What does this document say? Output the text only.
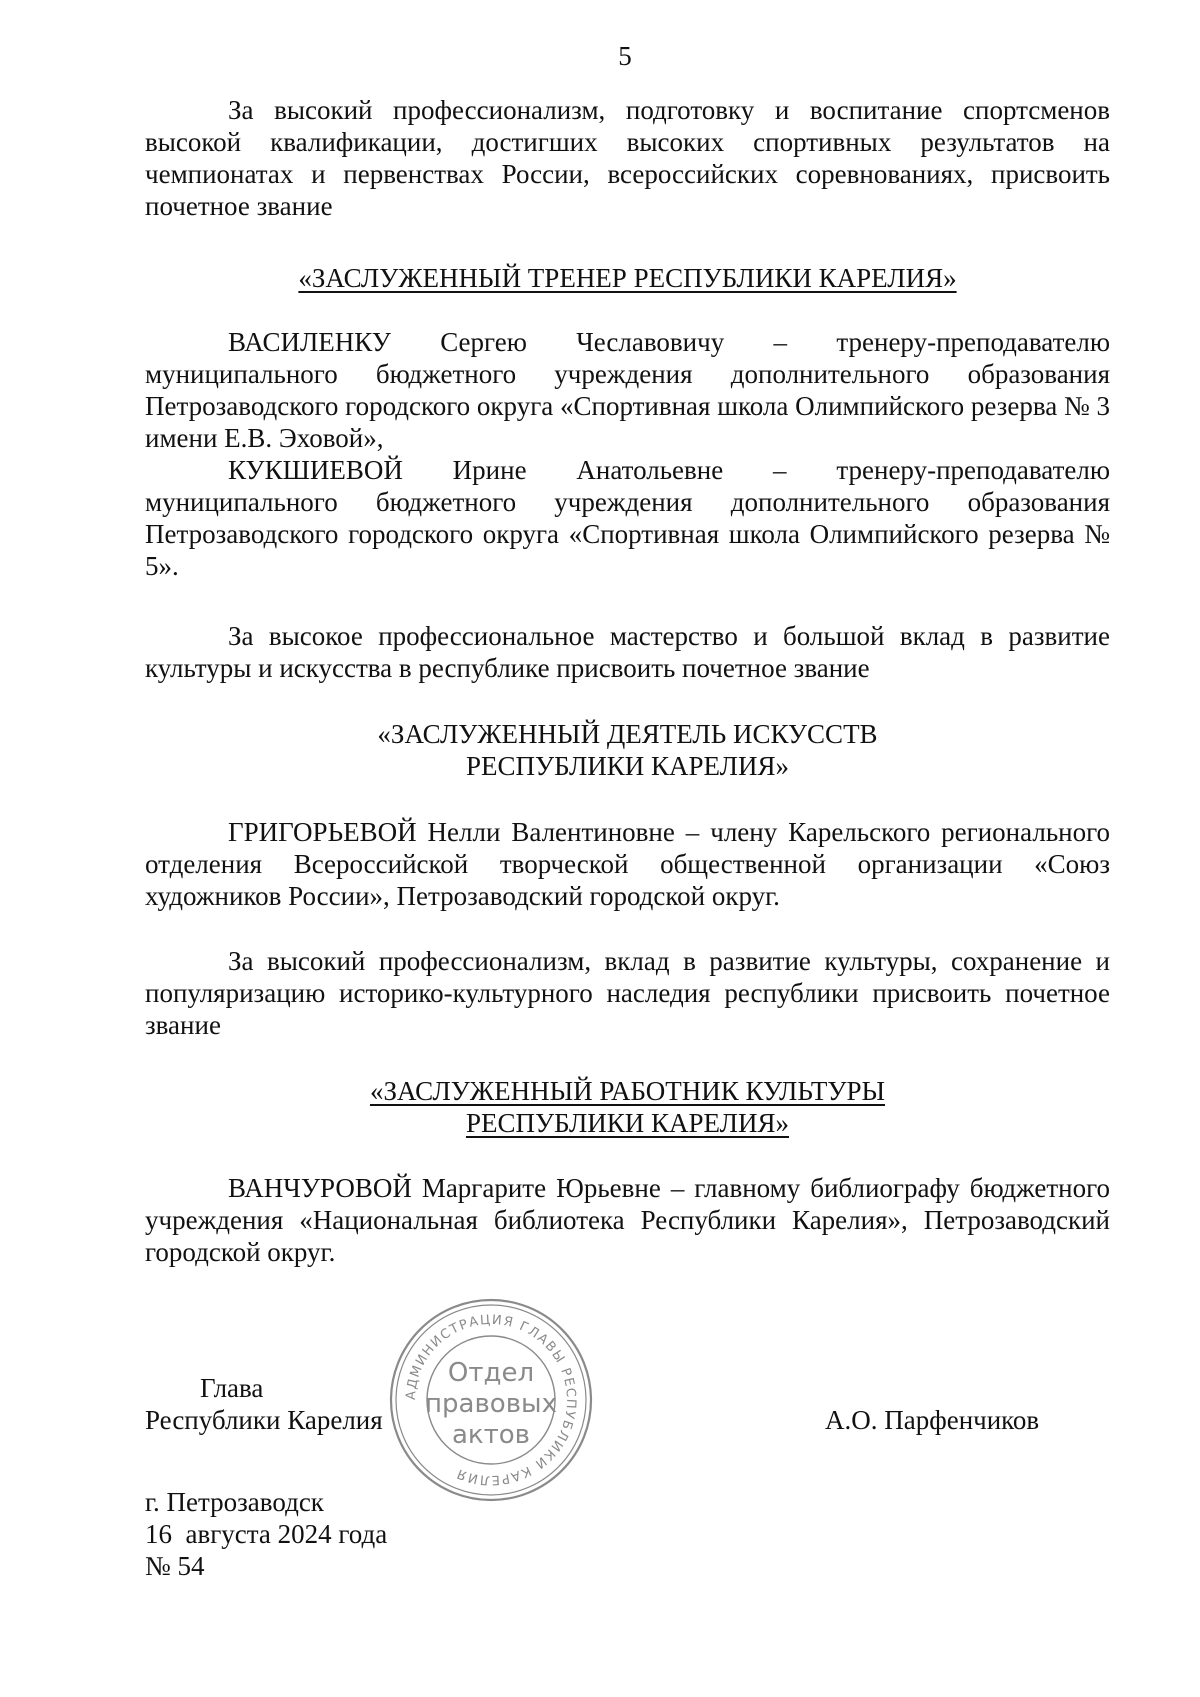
5

За высокий профессионализм, подготовку и воспитание спортсменов высокой квалификации, достигших высоких спортивных результатов на чемпионатах и первенствах России, всероссийских соревнованиях, присвоить почетное звание

«ЗАСЛУЖЕННЫЙ ТРЕНЕР РЕСПУБЛИКИ КАРЕЛИЯ»

ВАСИЛЕНКУ Сергею Чеславовичу – тренеру-преподавателю муниципального бюджетного учреждения дополнительного образования Петрозаводского городского округа «Спортивная школа Олимпийского резерва № 3 имени Е.В. Эховой»,

КУКШИЕВОЙ Ирине Анатольевне – тренеру-преподавателю муниципального бюджетного учреждения дополнительного образования Петрозаводского городского округа «Спортивная школа Олимпийского резерва № 5».

За высокое профессиональное мастерство и большой вклад в развитие культуры и искусства в республике присвоить почетное звание

«ЗАСЛУЖЕННЫЙ ДЕЯТЕЛЬ ИСКУССТВ

РЕСПУБЛИКИ КАРЕЛИЯ»

ГРИГОРЬЕВОЙ Нелли Валентиновне – члену Карельского регионального отделения Всероссийской творческой общественной организации «Союз художников России», Петрозаводский городской округ.

За высокий профессионализм, вклад в развитие культуры, сохранение и популяризацию историко-культурного наследия республики присвоить почетное звание

«ЗАСЛУЖЕННЫЙ РАБОТНИК КУЛЬТУРЫ

РЕСПУБЛИКИ КАРЕЛИЯ»

ВАНЧУРОВОЙ Маргарите Юрьевне – главному библиографу бюджетного учреждения «Национальная библиотека Республики Карелия», Петрозаводский городской округ.

Глава

Республики Карелия	А.О. Парфенчиков

АДМИНИСТРАЦИЯ ГЛАВЫ РЕСПУБЛИКИ КАРЕЛИЯ
Отдел
правовых
актов

г. Петрозаводск

16  августа 2024 года

№ 54
